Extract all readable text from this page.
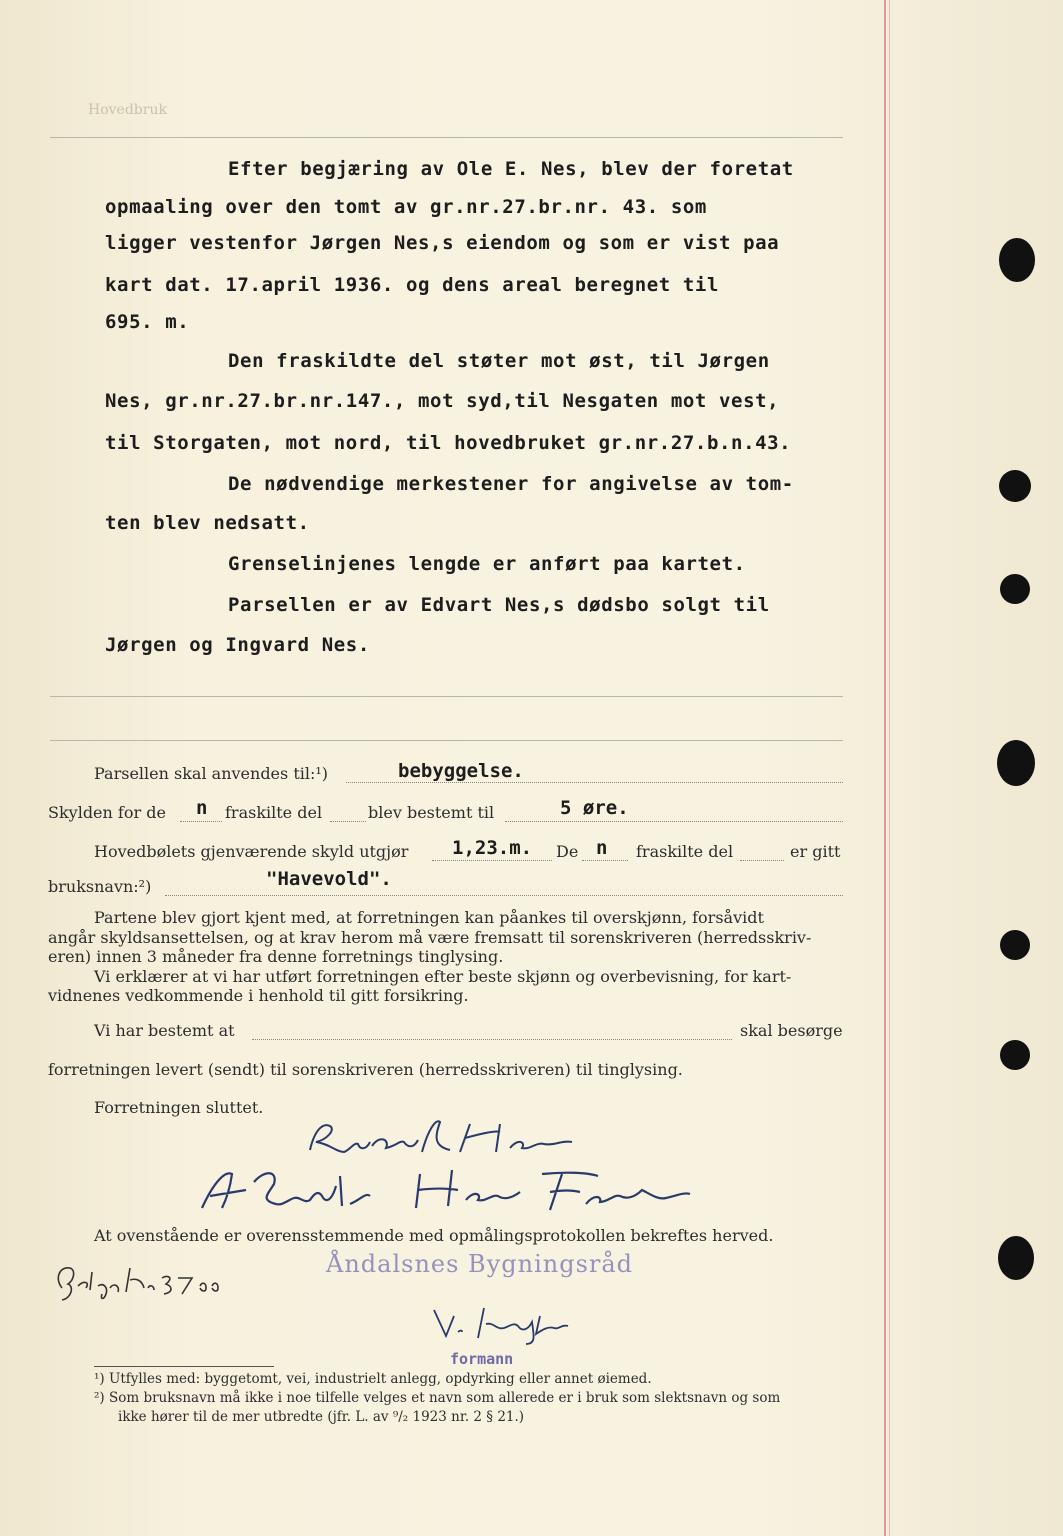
Hovedbruk
Efter begjæring av Ole E. Nes, blev der foretat
opmaaling over den tomt av gr.nr.27.br.nr. 43. som
ligger vestenfor Jørgen Nes,s eiendom og som er vist paa
kart dat. 17.april 1936. og dens areal beregnet til
695. m.
Den fraskildte del støter mot øst, til Jørgen
Nes, gr.nr.27.br.nr.147., mot syd,til Nesgaten mot vest,
til Storgaten, mot nord, til hovedbruket gr.nr.27.b.n.43.
De nødvendige merkestener for angivelse av tom-
ten blev nedsatt.
Grenselinjenes lengde er anført paa kartet.
Parsellen er av Edvart Nes,s dødsbo solgt til
Jørgen og Ingvard Nes.
Parsellen skal anvendes til:¹)	bebyggelse.
Skylden for de n fraskilte del	blev bestemt til	5 øre.
Hovedbølets gjenværende skyld utgjør 1,23.m. De n fraskilte del	er gitt
bruksnavn:²)	"Havevold".
Partene blev gjort kjent med, at forretningen kan påankes til overskjønn, forsåvidt
angår skyldsansettelsen, og at krav herom må være fremsatt til sorenskriveren (herredsskriv-
eren) innen 3 måneder fra denne forretnings tinglysing.
Vi erklærer at vi har utført forretningen efter beste skjønn og overbevisning, for kart-
vidnenes vedkommende i henhold til gitt forsikring.
Vi har bestemt at	skal besørge
forretningen levert (sendt) til sorenskriveren (herredsskriveren) til tinglysing.
Forretningen sluttet.
At ovenstående er overensstemmende med opmålingsprotokollen bekreftes herved.
Åndalsnes Bygningsråd
formann
¹) Utfylles med: byggetomt, vei, industrielt anlegg, opdyrking eller annet øiemed.
²) Som bruksnavn må ikke i noe tilfelle velges et navn som allerede er i bruk som slektsnavn og som
ikke hører til de mer utbredte (jfr. L. av ⁹/₂ 1923 nr. 2 § 21.)
